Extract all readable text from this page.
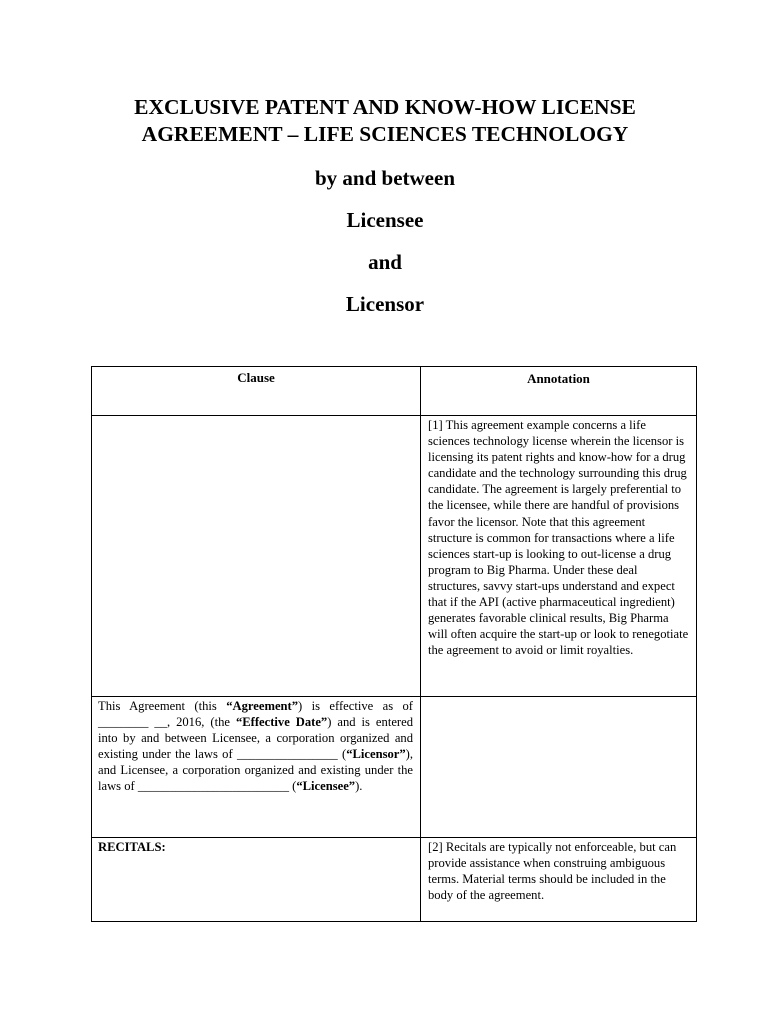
EXCLUSIVE PATENT AND KNOW-HOW LICENSE
AGREEMENT – LIFE SCIENCES TECHNOLOGY
by and between
Licensee
and
Licensor
Clause	Annotation

	[1] This agreement example concerns a life sciences technology license wherein the licensor is licensing its patent rights and know-how for a drug candidate and the technology surrounding this drug candidate. The agreement is largely preferential to the licensee, while there are handful of provisions favor the licensor. Note that this agreement structure is common for transactions where a life sciences start-up is looking to out-license a drug program to Big Pharma. Under these deal structures, savvy start-ups understand and expect that if the API (active pharmaceutical ingredient) generates favorable clinical results, Big Pharma will often acquire the start-up or look to renegotiate the agreement to avoid or limit royalties.
This Agreement (this “Agreement”) is effective as of ________ __, 2016, (the “Effective Date”) and is entered into by and between Licensee, a corporation organized and existing under the laws of ________________ (“Licensor”), and Licensee, a corporation organized and existing under the laws of ________________________ (“Licensee”).	
RECITALS:	[2] Recitals are typically not enforceable, but can provide assistance when construing ambiguous terms. Material terms should be included in the body of the agreement.
